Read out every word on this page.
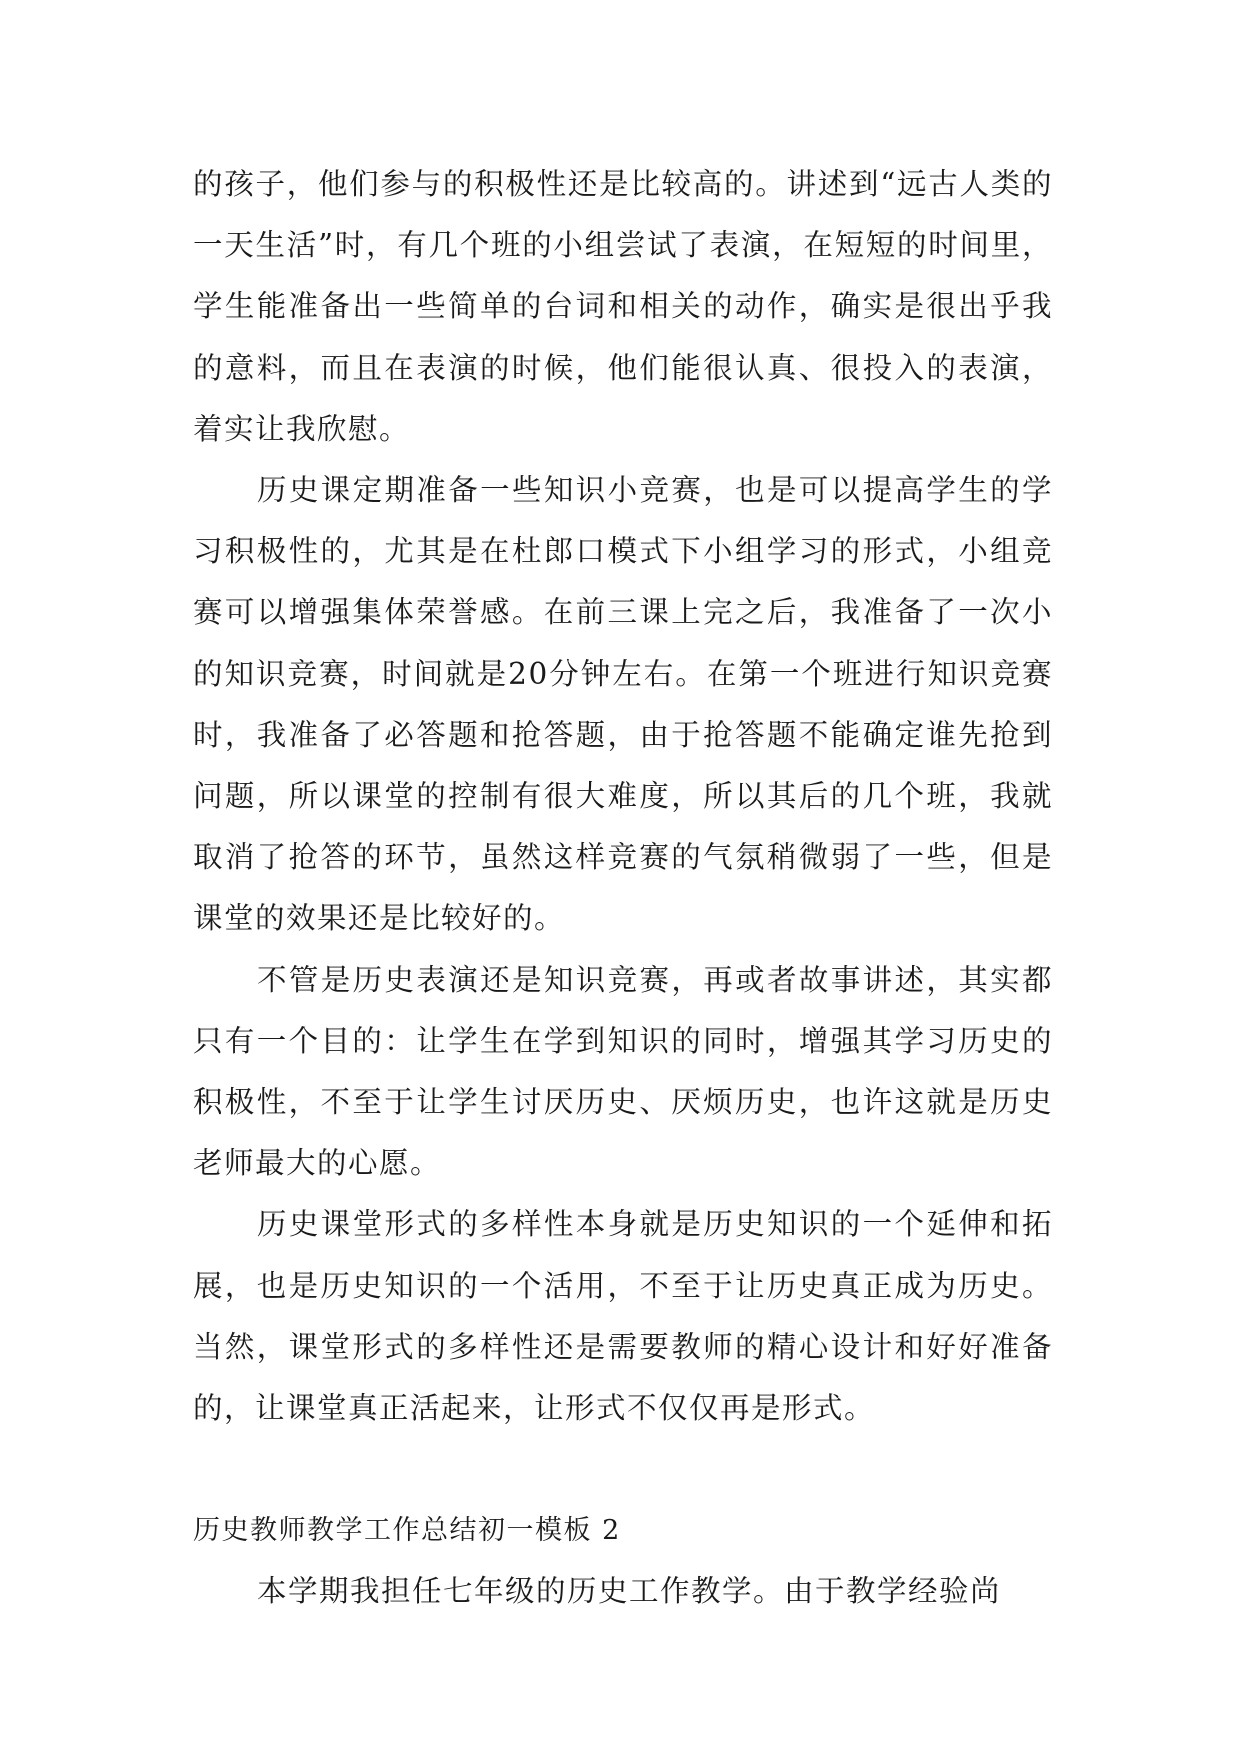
的孩子，他们参与的积极性还是比较高的。讲述到“远古人类的一天生活”时，有几个班的小组尝试了表演，在短短的时间里，学生能准备出一些简单的台词和相关的动作，确实是很出乎我的意料，而且在表演的时候，他们能很认真、很投入的表演，着实让我欣慰。

历史课定期准备一些知识小竞赛，也是可以提高学生的学习积极性的，尤其是在杜郎口模式下小组学习的形式，小组竞赛可以增强集体荣誉感。在前三课上完之后，我准备了一次小的知识竞赛，时间就是20分钟左右。在第一个班进行知识竞赛时，我准备了必答题和抢答题，由于抢答题不能确定谁先抢到问题，所以课堂的控制有很大难度，所以其后的几个班，我就取消了抢答的环节，虽然这样竞赛的气氛稍微弱了一些，但是课堂的效果还是比较好的。

不管是历史表演还是知识竞赛，再或者故事讲述，其实都只有一个目的：让学生在学到知识的同时，增强其学习历史的积极性，不至于让学生讨厌历史、厌烦历史，也许这就是历史老师最大的心愿。

历史课堂形式的多样性本身就是历史知识的一个延伸和拓展，也是历史知识的一个活用，不至于让历史真正成为历史。当然，课堂形式的多样性还是需要教师的精心设计和好好准备的，让课堂真正活起来，让形式不仅仅再是形式。

历史教师教学工作总结初一模板 2

本学期我担任七年级的历史工作教学。由于教学经验尚
